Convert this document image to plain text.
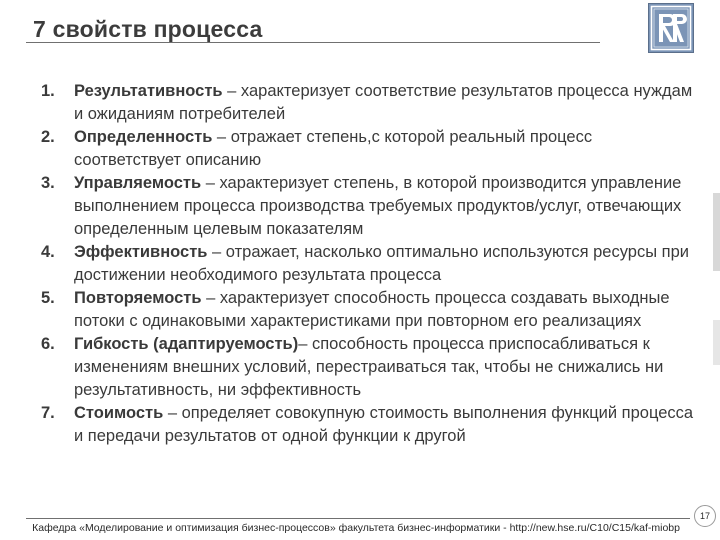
7 свойств процесса
1. Результативность – характеризует соответствие результатов процесса нуждам и ожиданиям потребителей
2. Определенность – отражает степень,с которой реальный процесс соответствует описанию
3. Управляемость – характеризует степень, в которой производится управление выполнением процесса производства требуемых продуктов/услуг, отвечающих определенным целевым показателям
4. Эффективность – отражает, насколько оптимально используются ресурсы при достижении необходимого результата процесса
5. Повторяемость – характеризует способность процесса создавать выходные потоки с одинаковыми характеристиками при повторном его реализациях
6. Гибкость (адаптируемость)– способность процесса приспосабливаться к изменениям внешних условий, перестраиваться так, чтобы не снижались ни результативность, ни эффективность
7. Стоимость – определяет совокупную стоимость выполнения функций процесса и передачи результатов от одной функции к другой
Кафедра «Моделирование и оптимизация бизнес-процессов» факультета бизнес-информатики - http://new.hse.ru/C10/C15/kaf-miobp
17
